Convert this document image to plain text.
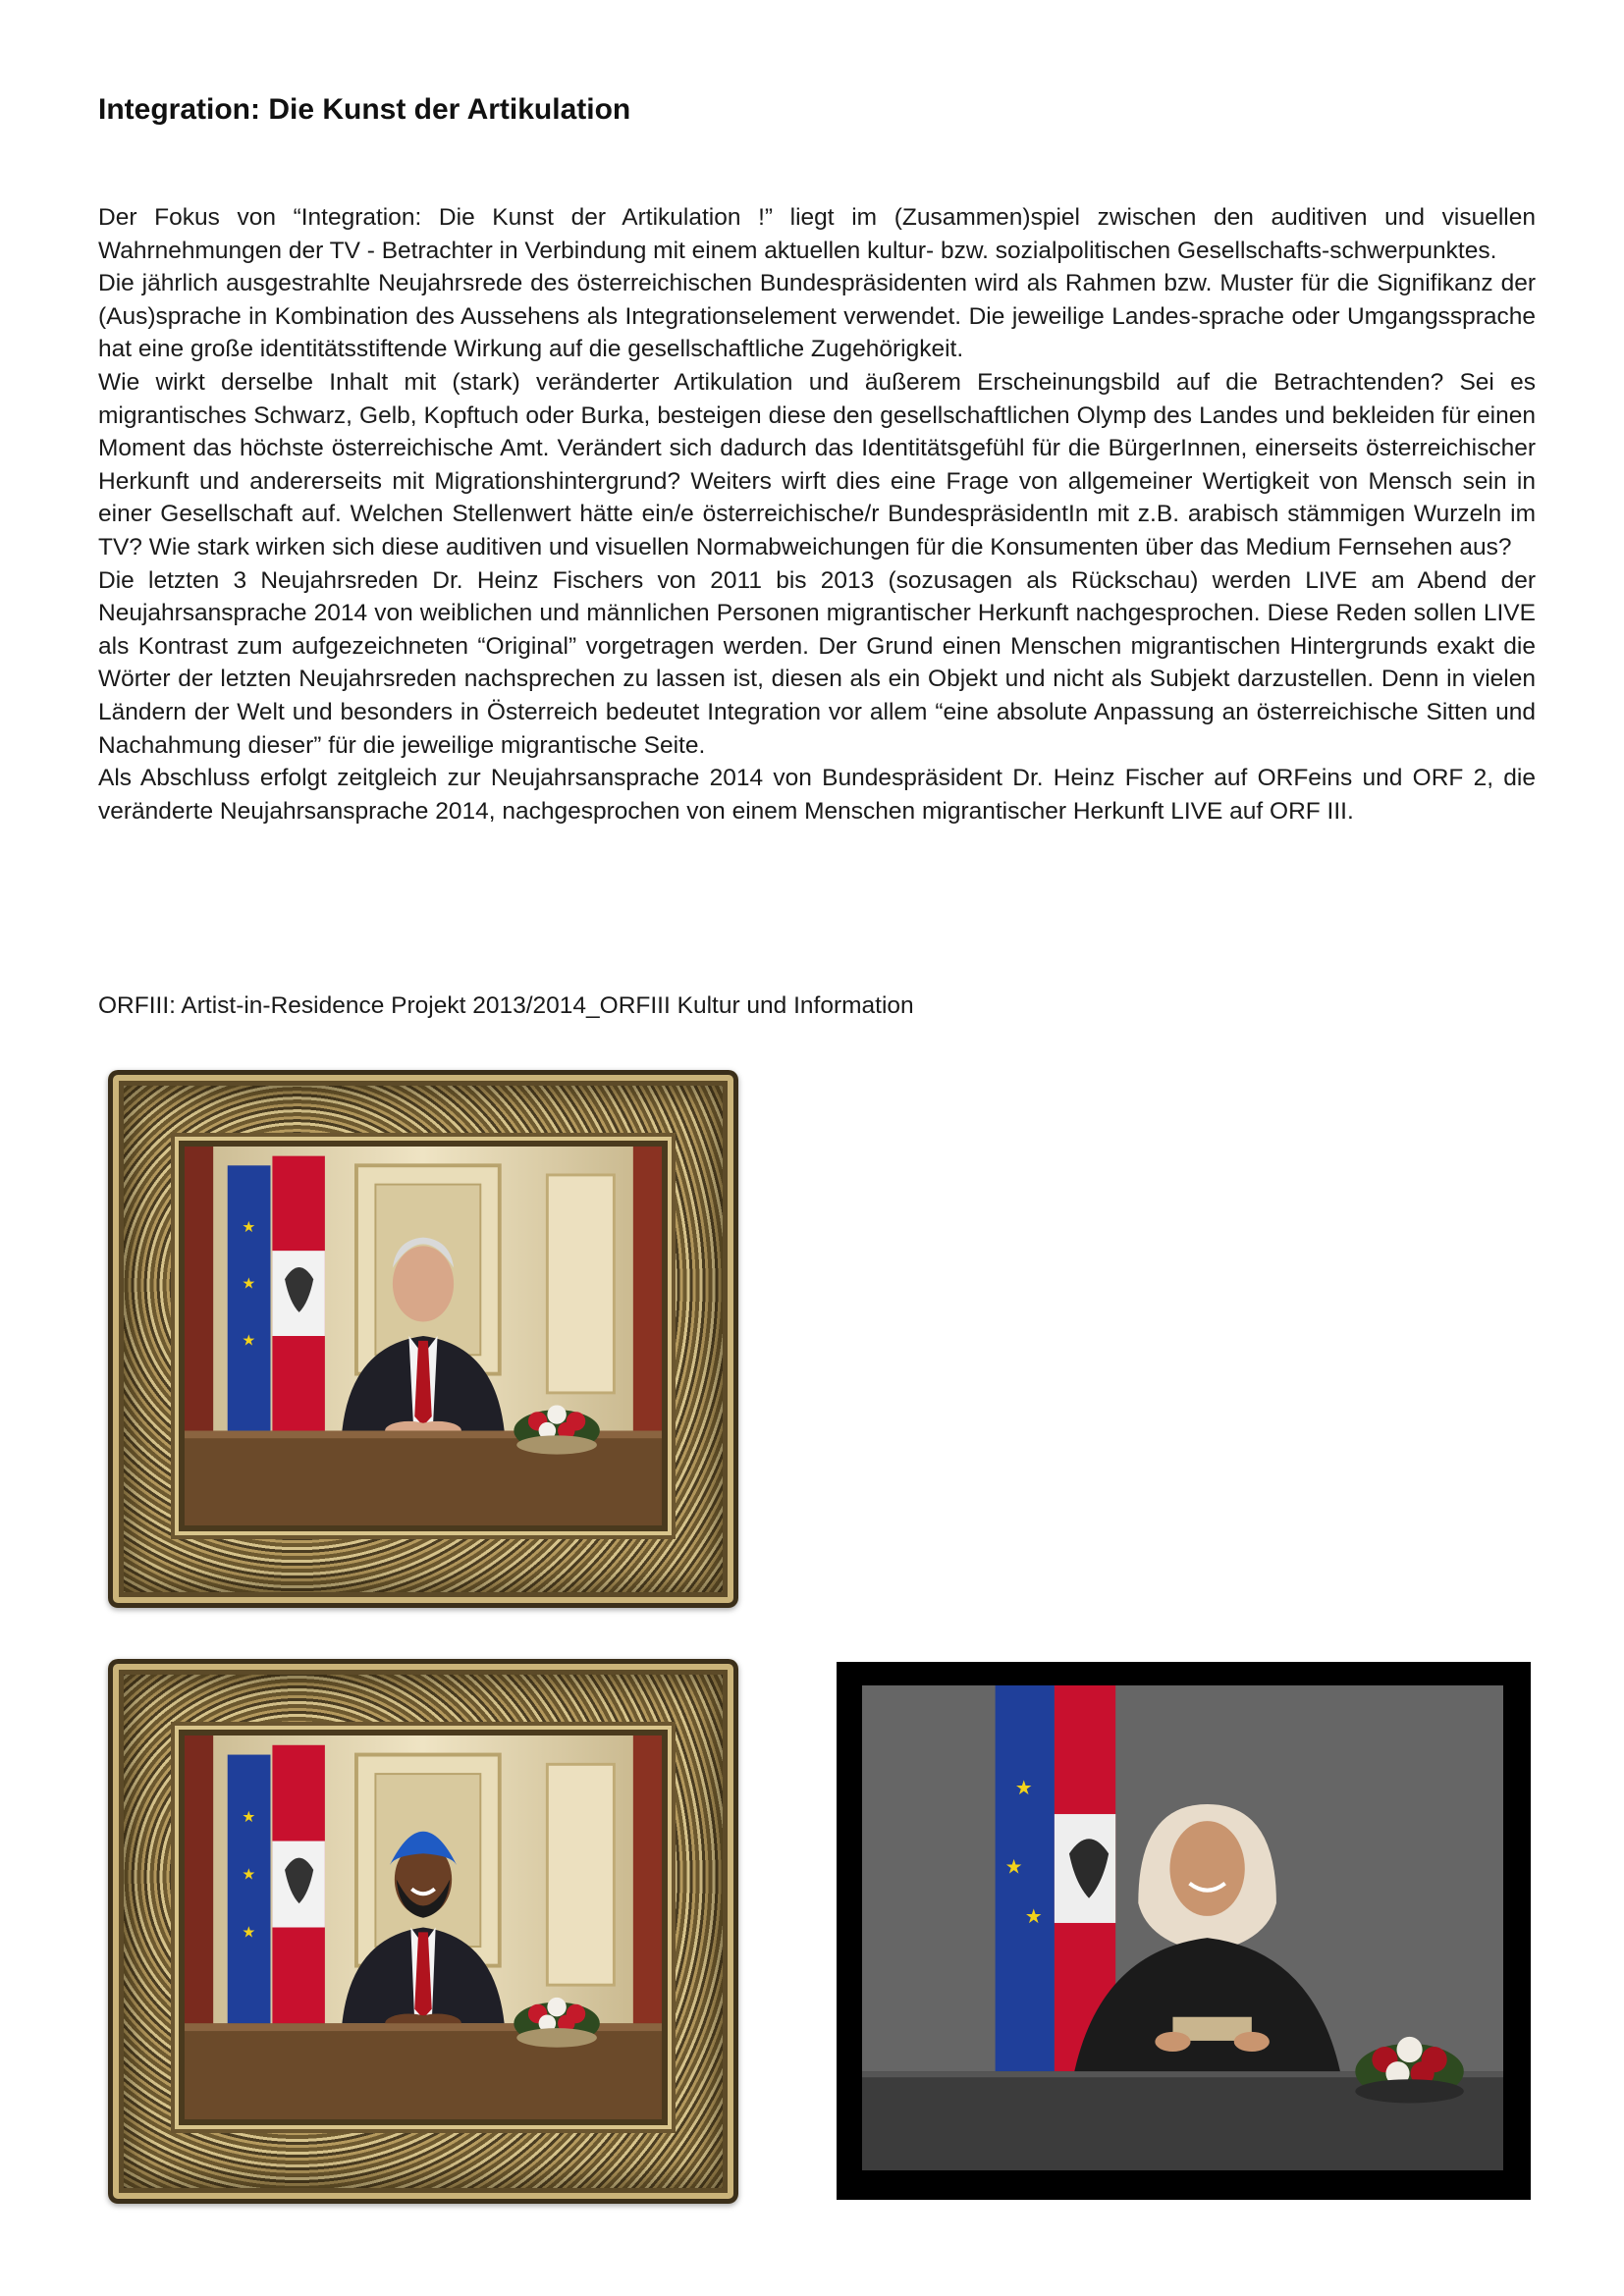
Integration: Die Kunst der Artikulation

Der Fokus von “Integration: Die Kunst der Artikulation !” liegt im (Zusammen)spiel zwischen den auditiven und visuellen Wahrnehmungen der TV - Betrachter in Verbindung mit einem aktuellen kultur- bzw. sozialpolitischen Gesellschafts-schwerpunktes.

Die jährlich ausgestrahlte Neujahrsrede des österreichischen Bundespräsidenten wird als Rahmen bzw. Muster für die Signifikanz der (Aus)sprache in Kombination des Aussehens als Integrationselement verwendet. Die jeweilige Landes-sprache oder Umgangssprache hat eine große identitätsstiftende Wirkung auf die gesellschaftliche Zugehörigkeit.

Wie wirkt derselbe Inhalt mit (stark) veränderter Artikulation und äußerem Erscheinungsbild auf die Betrachtenden? Sei es migrantisches Schwarz, Gelb, Kopftuch oder Burka, besteigen diese den gesellschaftlichen Olymp des Landes und bekleiden für einen Moment das höchste österreichische Amt. Verändert sich dadurch das Identitätsgefühl für die BürgerInnen, einerseits österreichischer Herkunft und andererseits mit Migrationshintergrund? Weiters wirft dies eine Frage von allgemeiner Wertigkeit von Mensch sein in einer Gesellschaft auf. Welchen Stellenwert hätte ein/e österreichische/r BundespräsidentIn mit z.B. arabisch stämmigen Wurzeln im TV? Wie stark wirken sich diese auditiven und visuellen Normabweichungen für die Konsumenten über das Medium Fernsehen aus?

Die letzten 3 Neujahrsreden Dr. Heinz Fischers von 2011 bis 2013 (sozusagen als Rückschau) werden LIVE am Abend der Neujahrsansprache 2014 von weiblichen und männlichen Personen migrantischer Herkunft nachgesprochen. Diese Reden sollen LIVE als Kontrast zum aufgezeichneten “Original” vorgetragen werden. Der Grund einen Menschen migrantischen Hintergrunds exakt die Wörter der letzten Neujahrsreden nachsprechen zu lassen ist, diesen als ein Objekt und nicht als Subjekt darzustellen. Denn in vielen Ländern der Welt und besonders in Österreich bedeutet Integration vor allem “eine absolute Anpassung an österreichische Sitten und Nachahmung dieser” für die jeweilige migrantische Seite.

Als Abschluss erfolgt zeitgleich zur Neujahrsansprache 2014 von Bundespräsident Dr. Heinz Fischer auf ORFeins und ORF 2, die veränderte Neujahrsansprache 2014, nachgesprochen von einem Menschen migrantischer Herkunft LIVE auf ORF III.

ORFIII: Artist-in-Residence Projekt 2013/2014_ORFIII Kultur und Information

★
★
★
★
★
★
★
★
★
